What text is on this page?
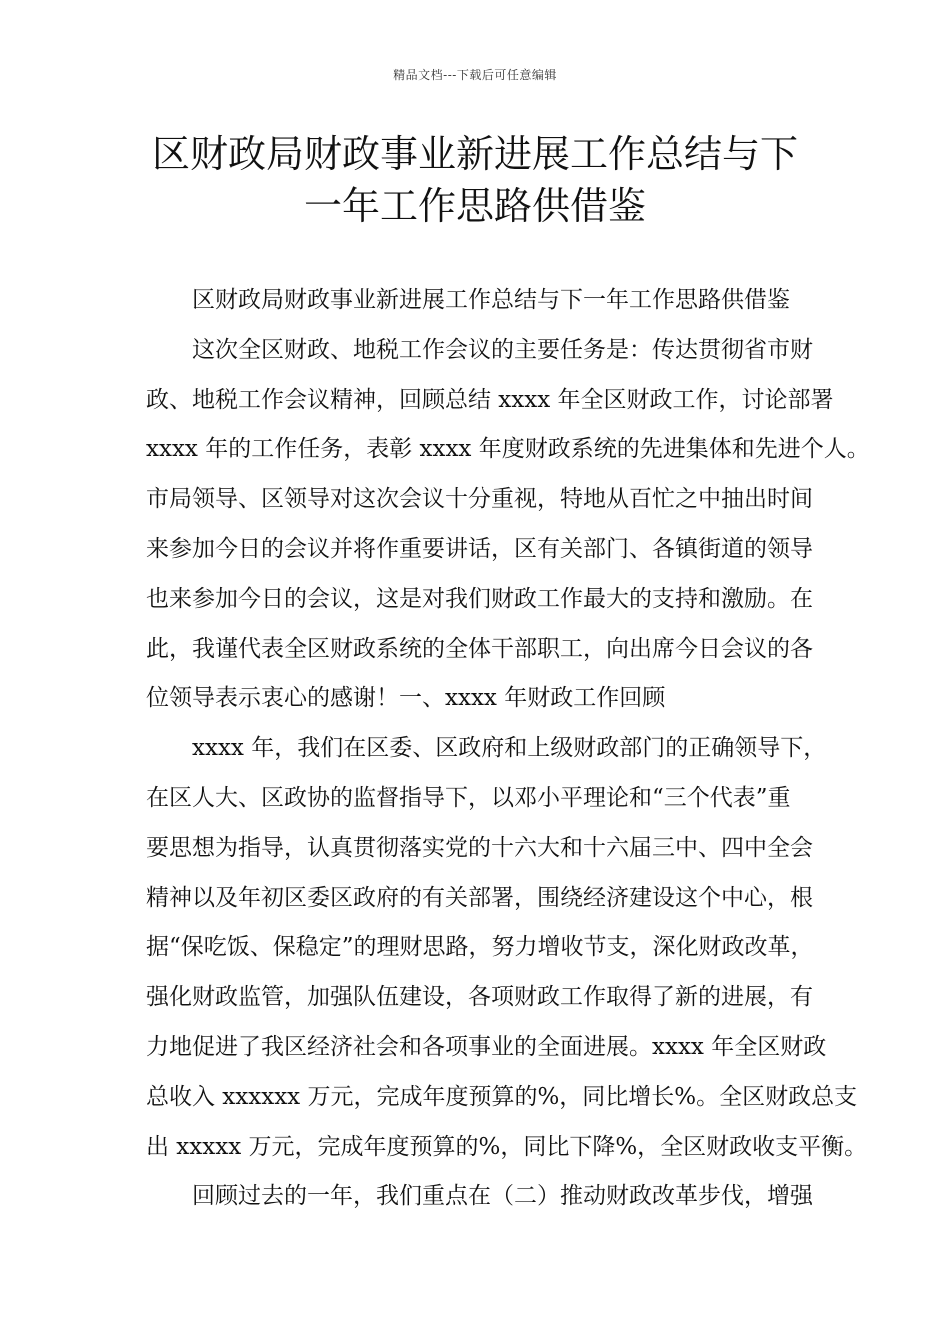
精品文档---下载后可任意编辑
区财政局财政事业新进展工作总结与下
一年工作思路供借鉴
区财政局财政事业新进展工作总结与下一年工作思路供借鉴
这次全区财政、地税工作会议的主要任务是：传达贯彻省市财
政、地税工作会议精神，回顾总结 xxxx 年全区财政工作，讨论部署
xxxx 年的工作任务，表彰 xxxx 年度财政系统的先进集体和先进个人。
市局领导、区领导对这次会议十分重视，特地从百忙之中抽出时间
来参加今日的会议并将作重要讲话，区有关部门、各镇街道的领导
也来参加今日的会议，这是对我们财政工作最大的支持和激励。在
此，我谨代表全区财政系统的全体干部职工，向出席今日会议的各
位领导表示衷心的感谢！一、xxxx 年财政工作回顾
xxxx 年，我们在区委、区政府和上级财政部门的正确领导下，
在区人大、区政协的监督指导下，以邓小平理论和“三个代表”重
要思想为指导，认真贯彻落实党的十六大和十六届三中、四中全会
精神以及年初区委区政府的有关部署，围绕经济建设这个中心，根
据“保吃饭、保稳定”的理财思路，努力增收节支，深化财政改革，
强化财政监管，加强队伍建设，各项财政工作取得了新的进展，有
力地促进了我区经济社会和各项事业的全面进展。xxxx 年全区财政
总收入 xxxxxx 万元，完成年度预算的%，同比增长%。全区财政总支
出 xxxxx 万元，完成年度预算的%，同比下降%，全区财政收支平衡。
回顾过去的一年，我们重点在（二）推动财政改革步伐，增强
